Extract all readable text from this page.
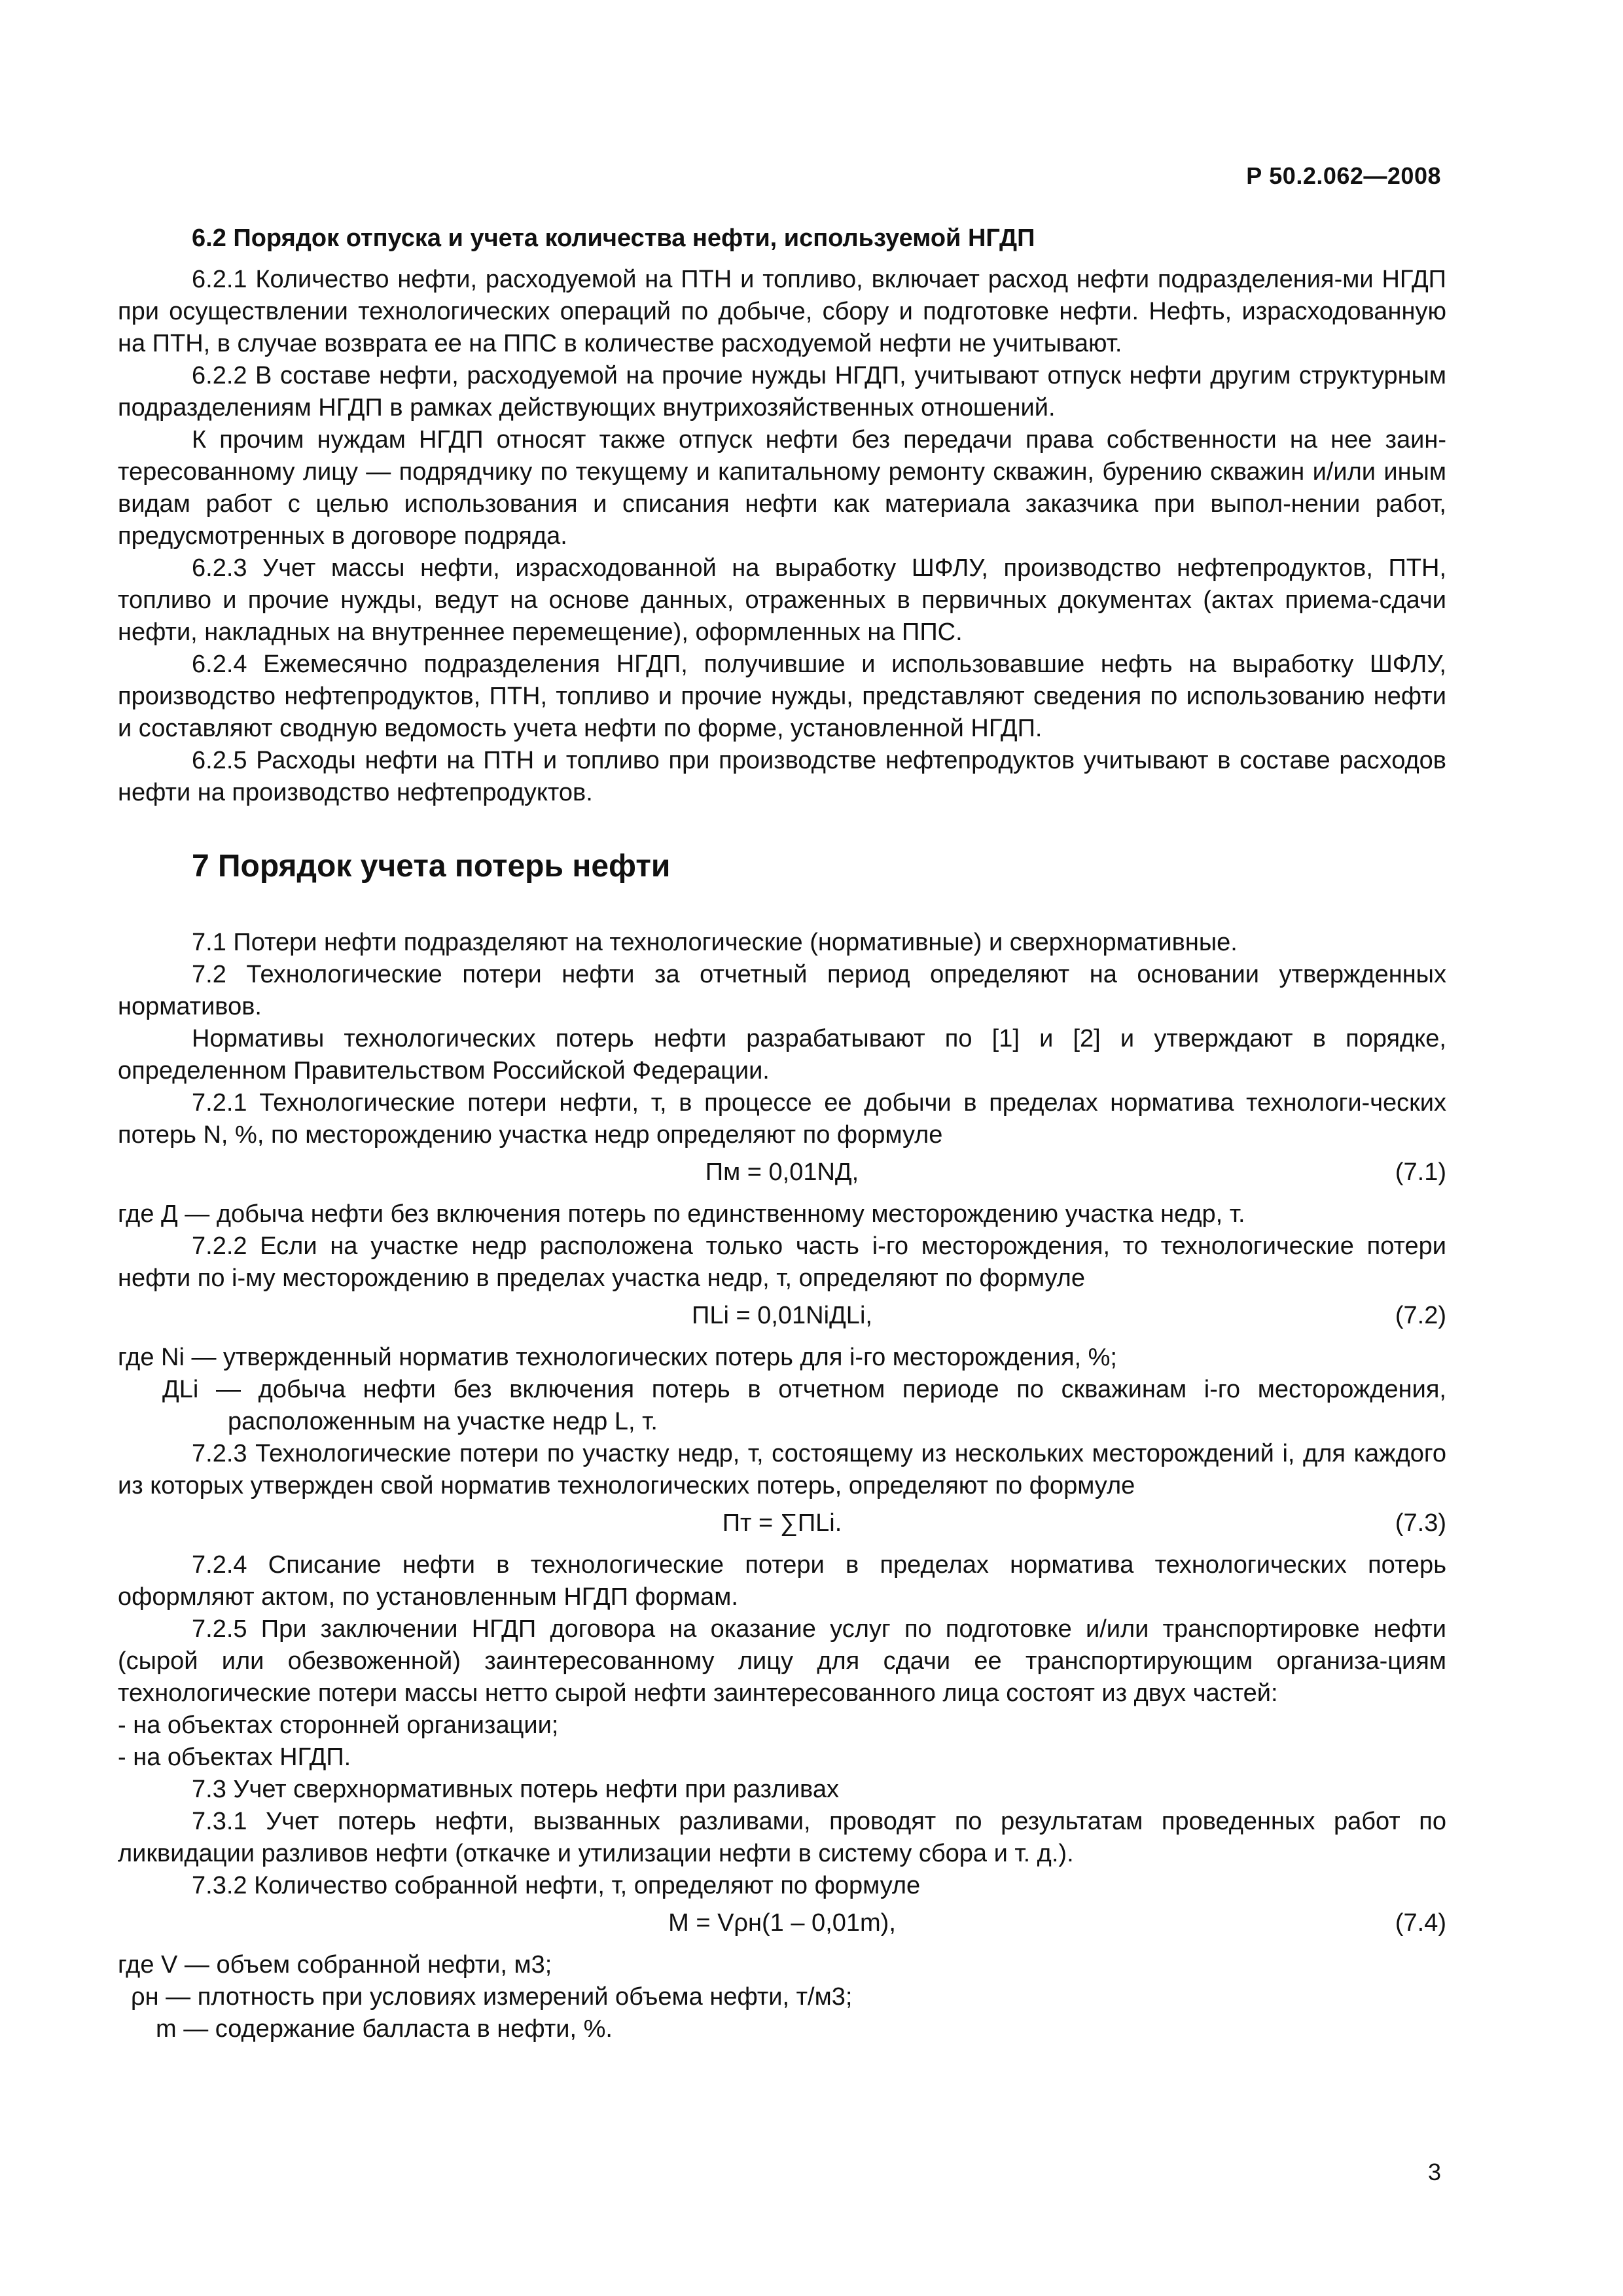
Р 50.2.062—2008

6.2 Порядок отпуска и учета количества нефти, используемой НГДП

6.2.1 Количество нефти, расходуемой на ПТН и топливо, включает расход нефти подразделения-ми НГДП при осуществлении технологических операций по добыче, сбору и подготовке нефти. Нефть, израсходованную на ПТН, в случае возврата ее на ППС в количестве расходуемой нефти не учитывают.

6.2.2 В составе нефти, расходуемой на прочие нужды НГДП, учитывают отпуск нефти другим структурным подразделениям НГДП в рамках действующих внутрихозяйственных отношений.

К прочим нуждам НГДП относят также отпуск нефти без передачи права собственности на нее заин-тересованному лицу — подрядчику по текущему и капитальному ремонту скважин, бурению скважин и/или иным видам работ с целью использования и списания нефти как материала заказчика при выпол-нении работ, предусмотренных в договоре подряда.

6.2.3 Учет массы нефти, израсходованной на выработку ШФЛУ, производство нефтепродуктов, ПТН, топливо и прочие нужды, ведут на основе данных, отраженных в первичных документах (актах приема-сдачи нефти, накладных на внутреннее перемещение), оформленных на ППС.

6.2.4 Ежемесячно подразделения НГДП, получившие и использовавшие нефть на выработку ШФЛУ, производство нефтепродуктов, ПТН, топливо и прочие нужды, представляют сведения по использованию нефти и составляют сводную ведомость учета нефти по форме, установленной НГДП.

6.2.5 Расходы нефти на ПТН и топливо при производстве нефтепродуктов учитывают в составе расходов нефти на производство нефтепродуктов.

7 Порядок учета потерь нефти

7.1 Потери нефти подразделяют на технологические (нормативные) и сверхнормативные.

7.2 Технологические потери нефти за отчетный период определяют на основании утвержденных нормативов.

Нормативы технологических потерь нефти разрабатывают по [1] и [2] и утверждают в порядке, определенном Правительством Российской Федерации.

7.2.1 Технологические потери нефти, т, в процессе ее добычи в пределах норматива технологи-ческих потерь N, %, по месторождению участка недр определяют по формуле

Пм = 0,01NД,	(7.1)

где Д — добыча нефти без включения потерь по единственному месторождению участка недр, т.

7.2.2 Если на участке недр расположена только часть i-го месторождения, то технологические потери нефти по i-му месторождению в пределах участка недр, т, определяют по формуле

ПLi = 0,01NiДLi,	(7.2)

где Ni — утвержденный норматив технологических потерь для i-го месторождения, %;

ДLi — добыча нефти без включения потерь в отчетном периоде по скважинам i-го месторождения, расположенным на участке недр L, т.

7.2.3 Технологические потери по участку недр, т, состоящему из нескольких месторождений i, для каждого из которых утвержден свой норматив технологических потерь, определяют по формуле

Пт = ∑ПLi.	(7.3)

7.2.4 Списание нефти в технологические потери в пределах норматива технологических потерь оформляют актом, по установленным НГДП формам.

7.2.5 При заключении НГДП договора на оказание услуг по подготовке и/или транспортировке нефти (сырой или обезвоженной) заинтересованному лицу для сдачи ее транспортирующим организа-циям технологические потери массы нетто сырой нефти заинтересованного лица состоят из двух частей:

- на объектах сторонней организации;

- на объектах НГДП.

7.3 Учет сверхнормативных потерь нефти при разливах

7.3.1 Учет потерь нефти, вызванных разливами, проводят по результатам проведенных работ по ликвидации разливов нефти (откачке и утилизации нефти в систему сбора и т. д.).

7.3.2 Количество собранной нефти, т, определяют по формуле

M = Vρн(1 – 0,01m),	(7.4)

где V — объем собранной нефти, м3;

ρн — плотность при условиях измерений объема нефти, т/м3;

m — содержание балласта в нефти, %.

3
